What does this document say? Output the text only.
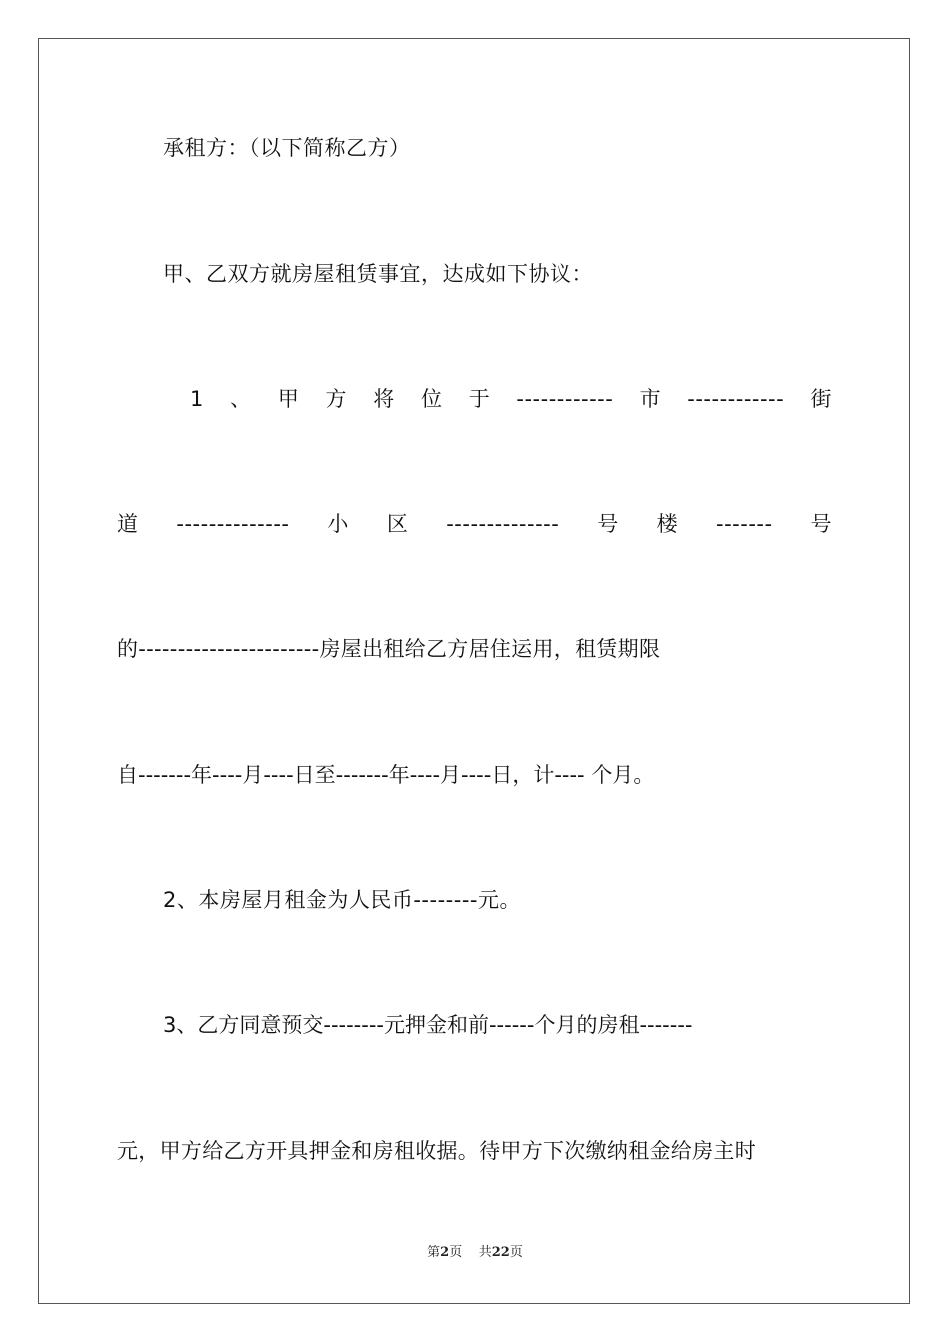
承租方：（以下简称乙方）
甲、乙双方就房屋租赁事宜，达成如下协议：
1 、 甲 方 将 位 于 ------------ 市 ------------ 街
道 -------------- 小 区 -------------- 号 楼 ------- 号
的-----------------------房屋出租给乙方居住运用，租赁期限
自-------年----月----日至-------年----月----日，计---- 个月。
2、本房屋月租金为人民币--------元。
3、乙方同意预交--------元押金和前------个月的房租-------
元，甲方给乙方开具押金和房租收据。待甲方下次缴纳租金给房主时
第2页 共22页
